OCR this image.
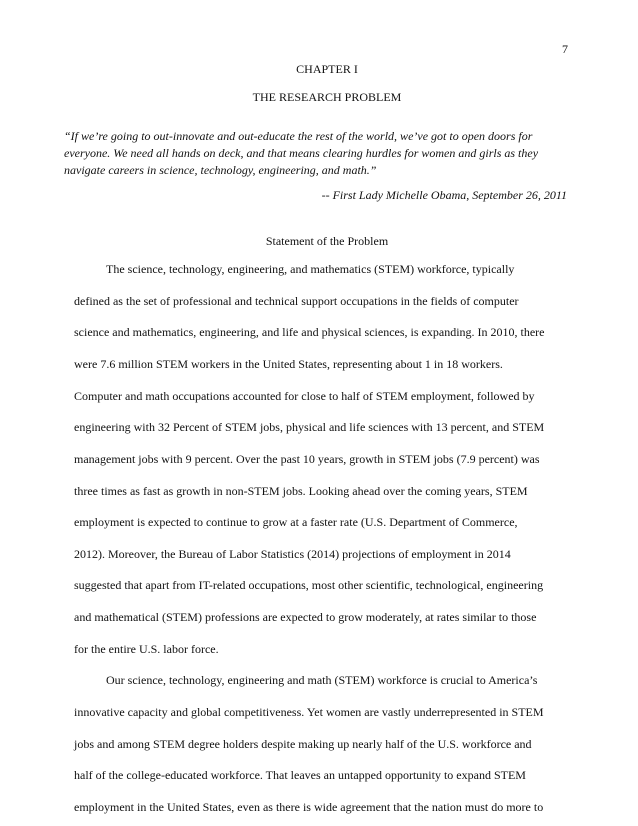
7
CHAPTER I
THE RESEARCH PROBLEM
“If we’re going to out-innovate and out-educate the rest of the world, we’ve got to open doors for
everyone. We need all hands on deck, and that means clearing hurdles for women and girls as they
navigate careers in science, technology, engineering, and math.”
-- First Lady Michelle Obama, September 26, 2011
Statement of the Problem
The science, technology, engineering, and mathematics (STEM) workforce, typically
defined as the set of professional and technical support occupations in the fields of computer
science and mathematics, engineering, and life and physical sciences, is expanding. In 2010, there
were 7.6 million STEM workers in the United States, representing about 1 in 18 workers.
Computer and math occupations accounted for close to half of STEM employment, followed by
engineering with 32 Percent of STEM jobs, physical and life sciences with 13 percent, and STEM
management jobs with 9 percent. Over the past 10 years, growth in STEM jobs (7.9 percent) was
three times as fast as growth in non-STEM jobs. Looking ahead over the coming years, STEM
employment is expected to continue to grow at a faster rate (U.S. Department of Commerce,
2012). Moreover, the Bureau of Labor Statistics (2014) projections of employment in 2014
suggested that apart from IT-related occupations, most other scientific, technological, engineering
and mathematical (STEM) professions are expected to grow moderately, at rates similar to those
for the entire U.S. labor force.
Our science, technology, engineering and math (STEM) workforce is crucial to America’s
innovative capacity and global competitiveness. Yet women are vastly underrepresented in STEM
jobs and among STEM degree holders despite making up nearly half of the U.S. workforce and
half of the college-educated workforce. That leaves an untapped opportunity to expand STEM
employment in the United States, even as there is wide agreement that the nation must do more to
